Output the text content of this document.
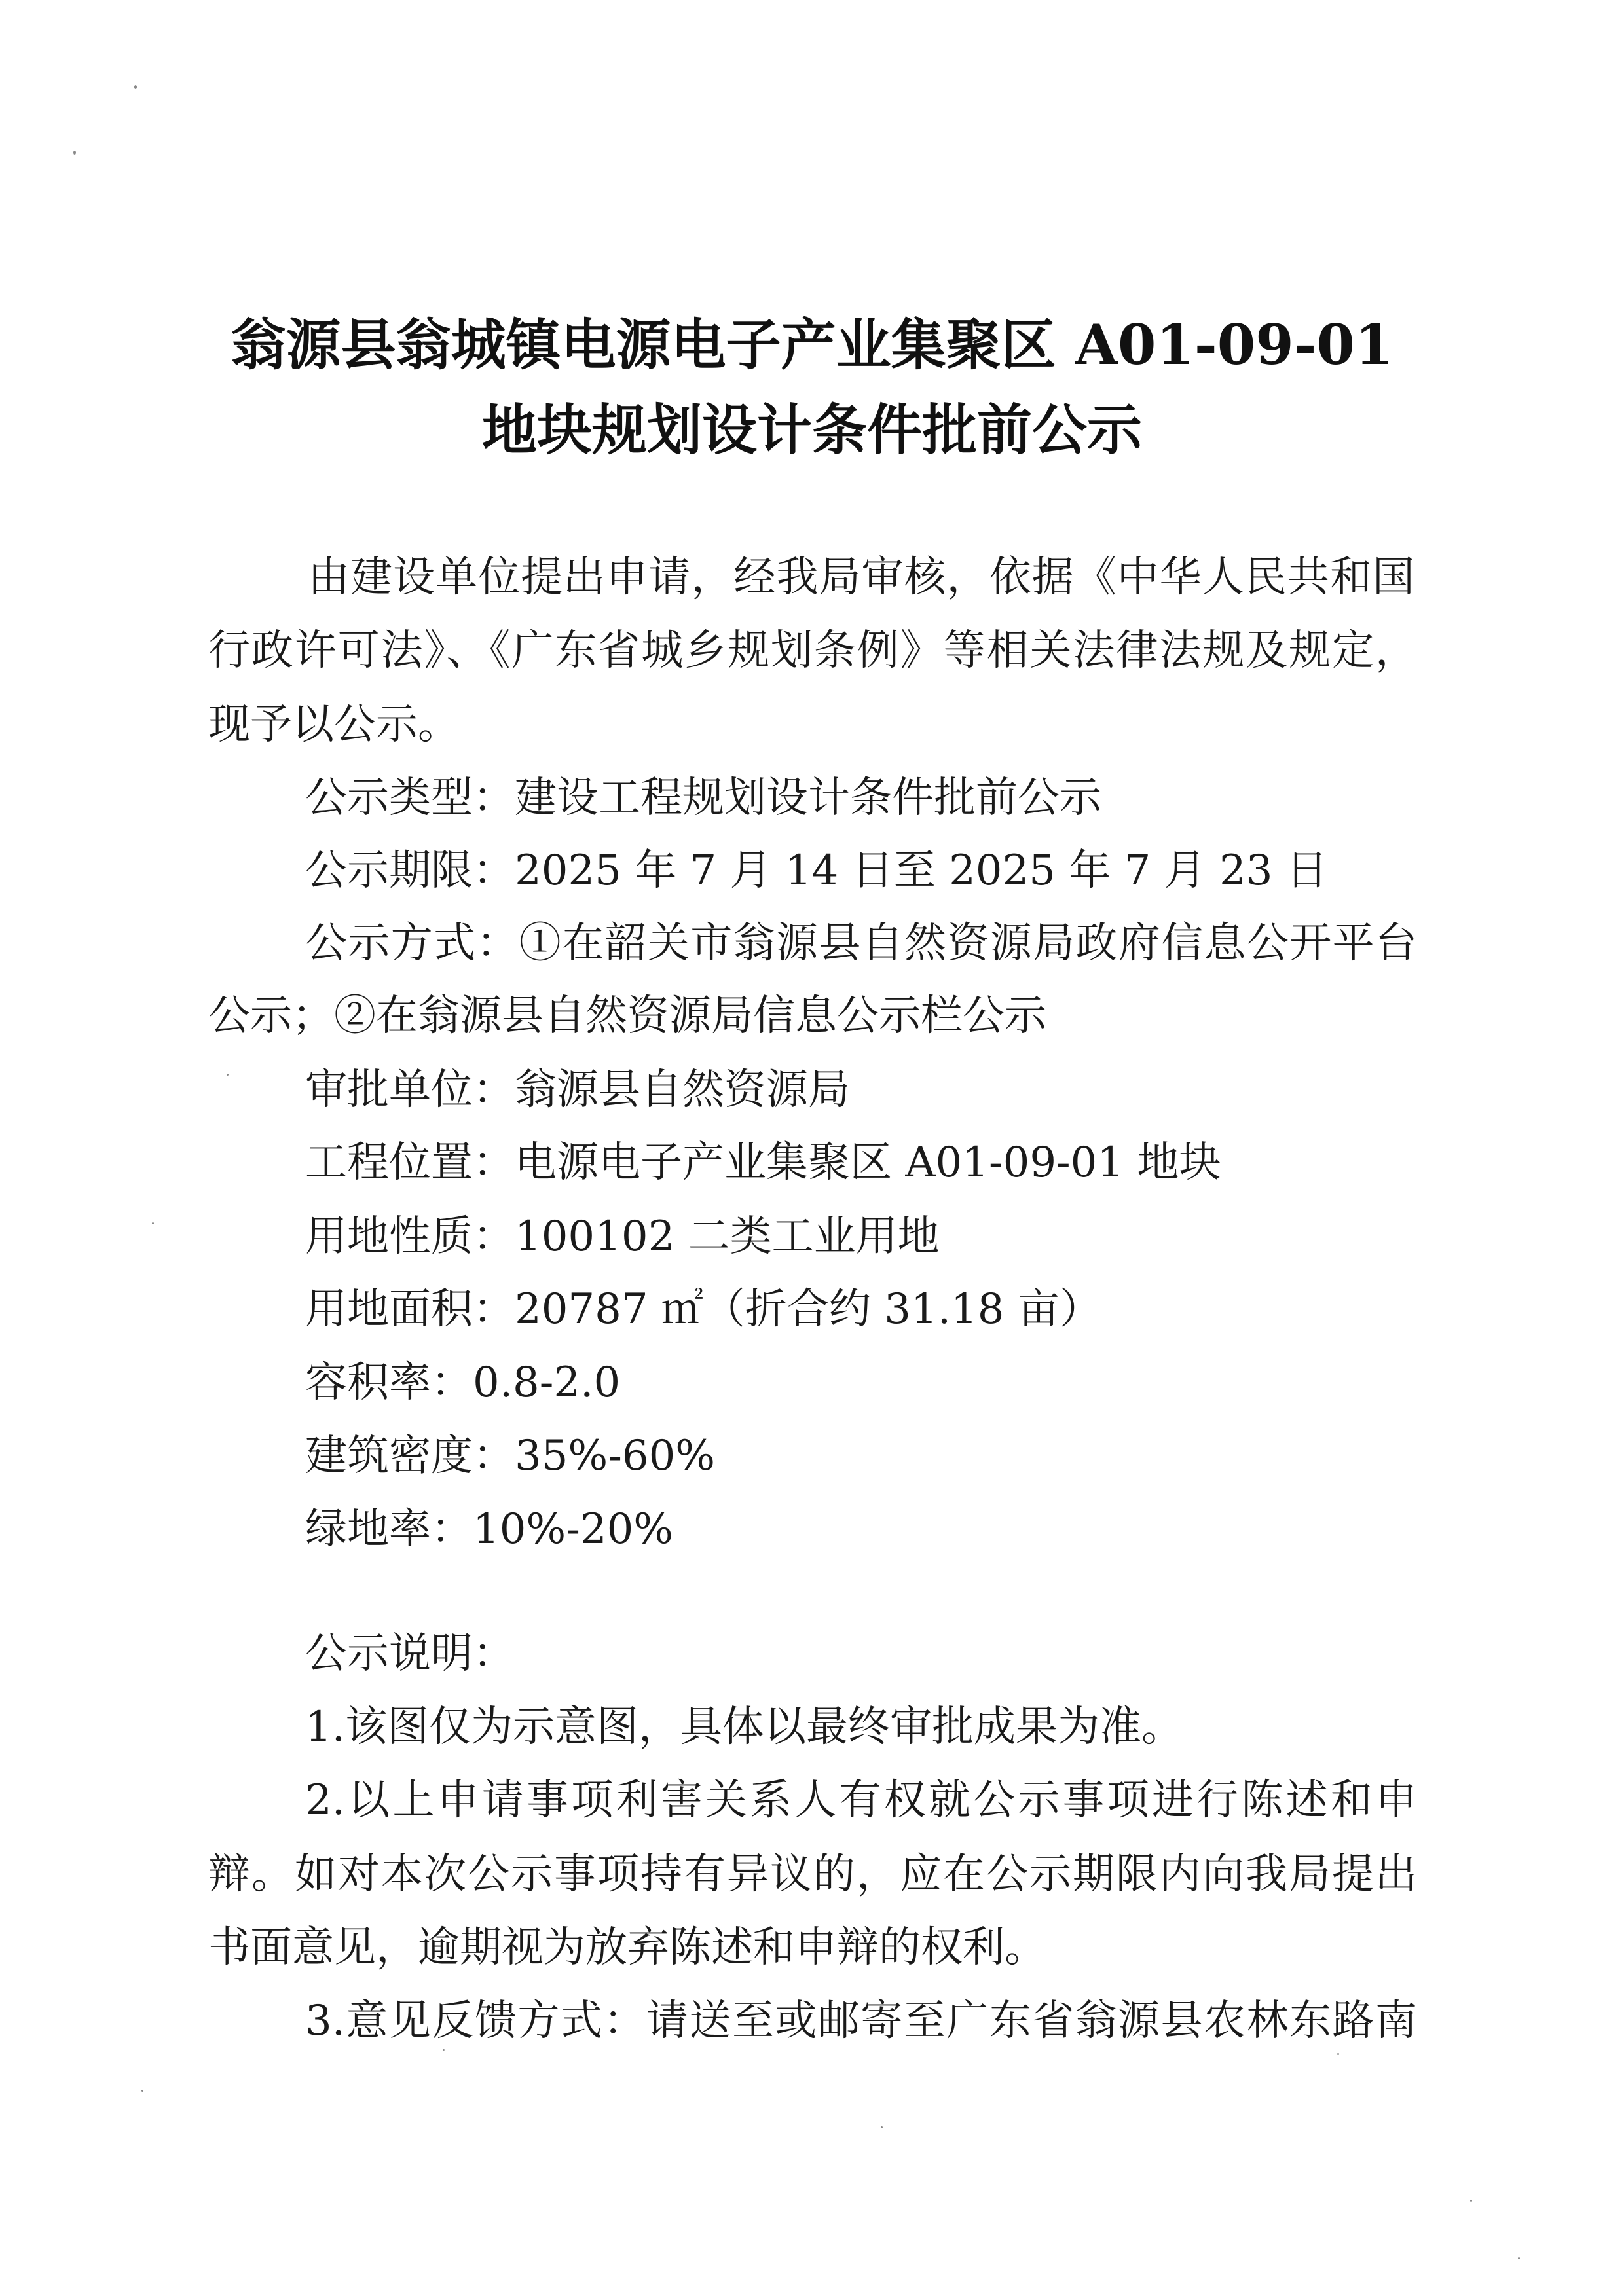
翁源县翁城镇电源电子产业集聚区 A01-09-01
地块规划设计条件批前公示
由建设单位提出申请，经我局审核，依据《中华人民共和国
行政许可法》、《广东省城乡规划条例》等相关法律法规及规定，
现予以公示。
公示类型：建设工程规划设计条件批前公示
公示期限：2025 年 7 月 14 日至 2025 年 7 月 23 日
公示方式：①在韶关市翁源县自然资源局政府信息公开平台
公示；②在翁源县自然资源局信息公示栏公示
审批单位：翁源县自然资源局
工程位置：电源电子产业集聚区 A01-09-01 地块
用地性质：100102 二类工业用地
用地面积：20787 ㎡（折合约 31.18 亩）
容积率：0.8-2.0
建筑密度：35%-60%
绿地率：10%-20%
公示说明：
1.该图仅为示意图，具体以最终审批成果为准。
2.以上申请事项利害关系人有权就公示事项进行陈述和申
辩。如对本次公示事项持有异议的，应在公示期限内向我局提出
书面意见，逾期视为放弃陈述和申辩的权利。
3.意见反馈方式：请送至或邮寄至广东省翁源县农林东路南
